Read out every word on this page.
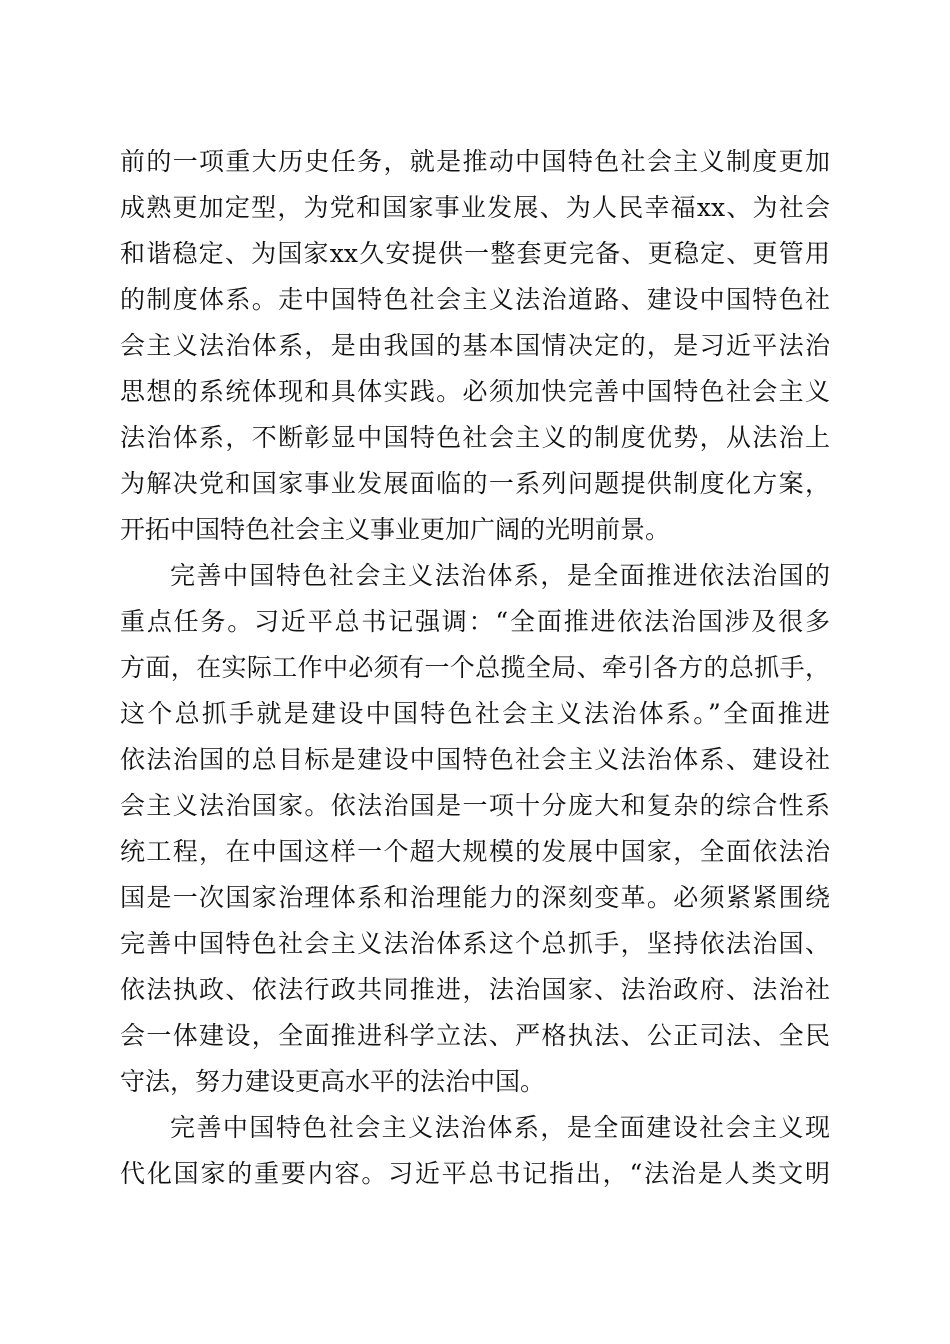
前的一项重大历史任务，就是推动中国特色社会主义制度更加
成熟更加定型，为党和国家事业发展、为人民幸福xx、为社会
和谐稳定、为国家xx久安提供一整套更完备、更稳定、更管用
的制度体系。走中国特色社会主义法治道路、建设中国特色社
会主义法治体系，是由我国的基本国情决定的，是习近平法治
思想的系统体现和具体实践。必须加快完善中国特色社会主义
法治体系，不断彰显中国特色社会主义的制度优势，从法治上
为解决党和国家事业发展面临的一系列问题提供制度化方案，
开拓中国特色社会主义事业更加广阔的光明前景。
完善中国特色社会主义法治体系，是全面推进依法治国的
重点任务。习近平总书记强调：“全面推进依法治国涉及很多
方面，在实际工作中必须有一个总揽全局、牵引各方的总抓手，
这个总抓手就是建设中国特色社会主义法治体系。”全面推进
依法治国的总目标是建设中国特色社会主义法治体系、建设社
会主义法治国家。依法治国是一项十分庞大和复杂的综合性系
统工程，在中国这样一个超大规模的发展中国家，全面依法治
国是一次国家治理体系和治理能力的深刻变革。必须紧紧围绕
完善中国特色社会主义法治体系这个总抓手，坚持依法治国、
依法执政、依法行政共同推进，法治国家、法治政府、法治社
会一体建设，全面推进科学立法、严格执法、公正司法、全民
守法，努力建设更高水平的法治中国。
完善中国特色社会主义法治体系，是全面建设社会主义现
代化国家的重要内容。习近平总书记指出，“法治是人类文明
